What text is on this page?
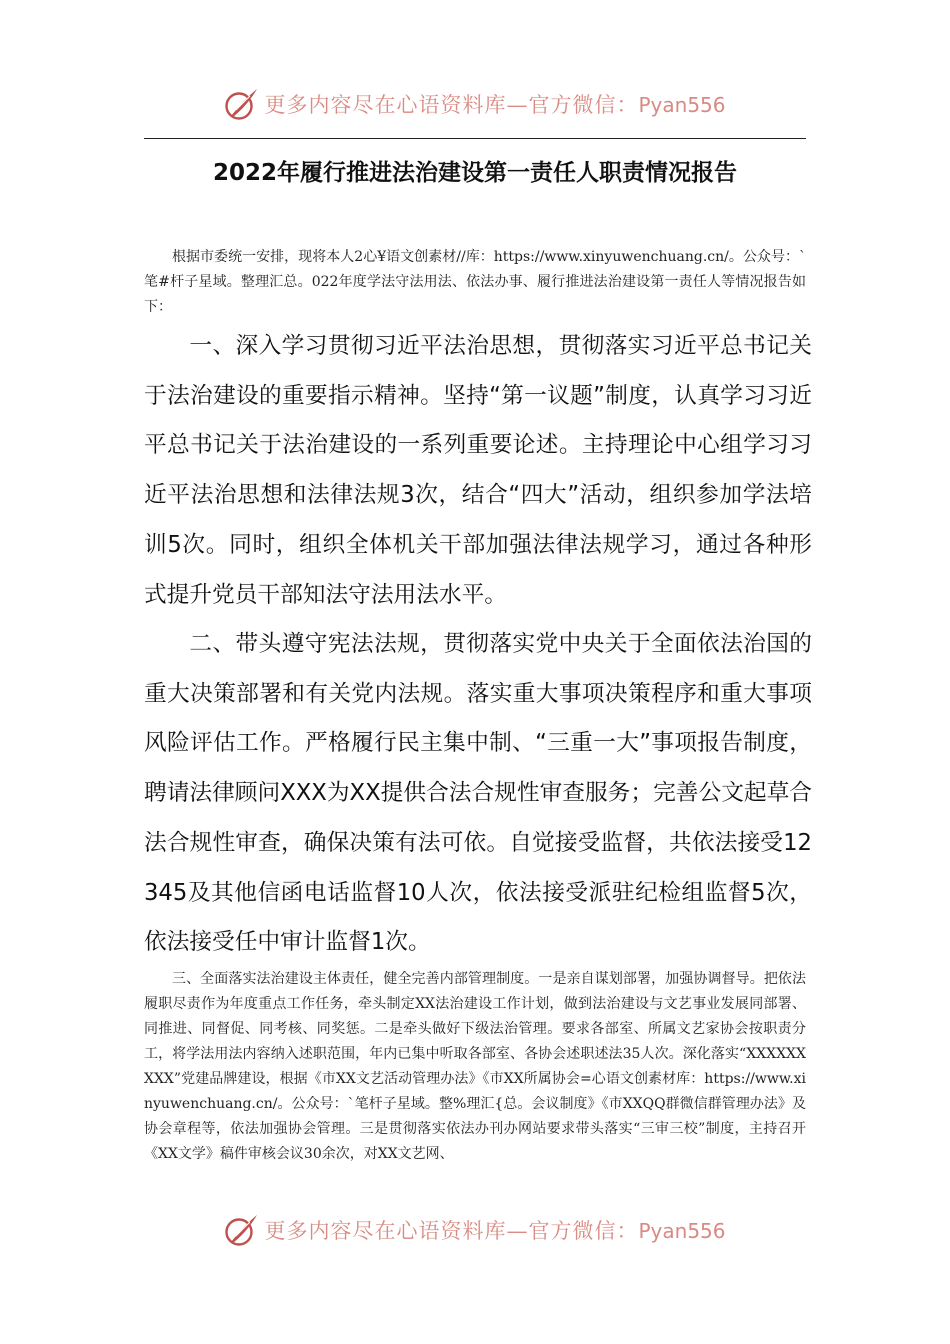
更多内容尽在心语资料库—官方微信：Pyan556
2022年履行推进法治建设第一责任人职责情况报告

根据市委统一安排，现将本人2心¥语文创素材//库：https://www.xinyuwenchuang.cn/。公众号：`笔#杆子星域。整理汇总。022年度学法守法用法、依法办事、履行推进法治建设第一责任人等情况报告如下：

一、深入学习贯彻习近平法治思想，贯彻落实习近平总书记关于法治建设的重要指示精神。坚持“第一议题”制度，认真学习习近平总书记关于法治建设的一系列重要论述。主持理论中心组学习习近平法治思想和法律法规3次，结合“四大”活动，组织参加学法培训5次。同时，组织全体机关干部加强法律法规学习，通过各种形式提升党员干部知法守法用法水平。

二、带头遵守宪法法规，贯彻落实党中央关于全面依法治国的重大决策部署和有关党内法规。落实重大事项决策程序和重大事项风险评估工作。严格履行民主集中制、“三重一大”事项报告制度，聘请法律顾问XXX为XX提供合法合规性审查服务；完善公文起草合法合规性审查，确保决策有法可依。自觉接受监督，共依法接受12345及其他信函电话监督10人次，依法接受派驻纪检组监督5次，依法接受任中审计监督1次。

三、全面落实法治建设主体责任，健全完善内部管理制度。一是亲自谋划部署，加强协调督导。把依法履职尽责作为年度重点工作任务，牵头制定XX法治建设工作计划，做到法治建设与文艺事业发展同部署、同推进、同督促、同考核、同奖惩。二是牵头做好下级法治管理。要求各部室、所属文艺家协会按职责分工，将学法用法内容纳入述职范围，年内已集中听取各部室、各协会述职述法35人次。深化落实“XXXXXXXXX”党建品牌建设，根据《市XX文艺活动管理办法》《市XX所属协会=心语文创素材库：https://www.xinyuwenchuang.cn/。公众号：`笔杆子星域。整%理汇{总。会议制度》《市XXQQ群微信群管理办法》及协会章程等，依法加强协会管理。三是贯彻落实依法办刊办网站要求带头落实“三审三校”制度，主持召开《XX文学》稿件审核会议30余次，对XX文艺网、

更多内容尽在心语资料库—官方微信：Pyan556
